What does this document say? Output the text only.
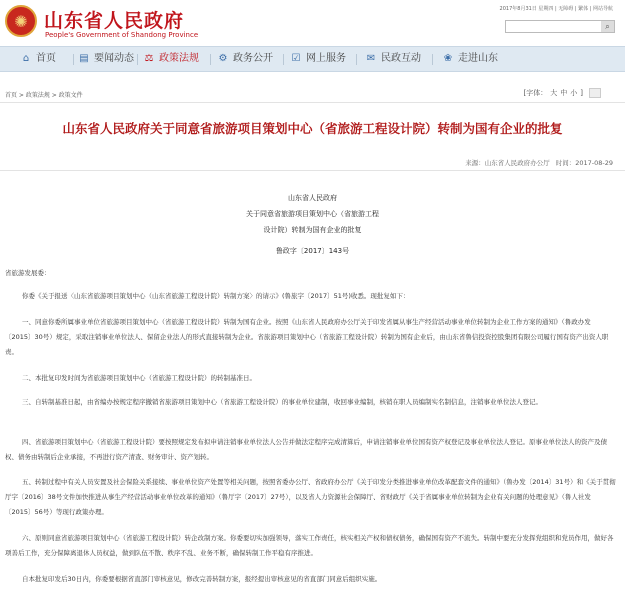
✺ 山东省人民政府
People's Government of Shandong Province
2017年8月31日 星期四 | 无障碍 | 繁体 | 网站导航
⌕
⌂ 首页 ▤ 要闻动态 ⚖ 政策法规 ⚙ 政务公开 ☑ 网上服务 ✉ 民政互动 ❀ 走进山东
首页 > 政策法规 > 政策文件	[字体： 大 中 小 ]
山东省人民政府关于同意省旅游项目策划中心（省旅游工程设计院）转制为国有企业的批复
来源：山东省人民政府办公厅 时间：2017-08-29
山东省人民政府
关于同意省旅游项目策划中心（省旅游工程
设计院）转制为国有企业的批复
鲁政字〔2017〕143号
省旅游发展委：
你委《关于报送〈山东省旅游项目策划中心（山东省旅游工程设计院）转制方案〉的请示》(鲁旅字〔2017〕51号)收悉。现批复如下：
一、同意你委所属事业单位省旅游项目策划中心（省旅游工程设计院）转制为国有企业。按照《山东省人民政府办公厅关于印发省属从事生产经营活动事业单位转制为企业工作方案的通知》（鲁政办发〔2015〕30号）规定，采取注销事业单位法人、保留企业法人的形式直接转制为企业。省旅游项目策划中心（省旅游工程设计院）转制为国有企业后，由山东省鲁信投资控股集团有限公司履行国有资产出资人职责。
二、本批复印发时间为省旅游项目策划中心（省旅游工程设计院）的转制基准日。
三、自转制基准日起，由省编办按规定程序撤销省旅游项目策划中心（省旅游工程设计院）的事业单位建制，收回事业编制，核销在职人员编制实名制信息，注销事业单位法人登记。
四、省旅游项目策划中心（省旅游工程设计院）要按照规定发布拟申请注销事业单位法人公告并做法定程序完成清算后，申请注销事业单位国有资产权登记及事业单位法人登记。原事业单位法人的资产及债权、债务由转制后企业承接，不再进行资产清查、财务审计、资产划转。
五、转制过程中有关人员安置及社会保险关系接续、事业单位资产处置等相关问题，按照省委办公厅、省政府办公厅《关于印发分类推进事业单位改革配套文件的通知》（鲁办发〔2014〕31号）和《关于贯彻厅字〔2016〕38号文件加快推进从事生产经营活动事业单位改革的通知》（鲁厅字〔2017〕27号），以及省人力资源社会保障厅、省财政厅《关于省属事业单位转制为企业有关问题的处理意见》（鲁人社发〔2015〕56号）等现行政策办理。
六、原则同意省旅游项目策划中心（省旅游工程设计院）转企改制方案。你委要切实加强领导，落实工作责任，核实相关产权和债权债务，确保国有资产不流失。转制中要充分发挥党组织和党员作用，做好各项善后工作，充分保障离退休人员权益，做到队伍不散、秩序不乱、业务不断，确保转制工作平稳有序推进。
自本批复印发后30日内，你委要根据省直部门审核意见，修改完善转制方案，报经提出审核意见的省直部门同意后组织实施。
